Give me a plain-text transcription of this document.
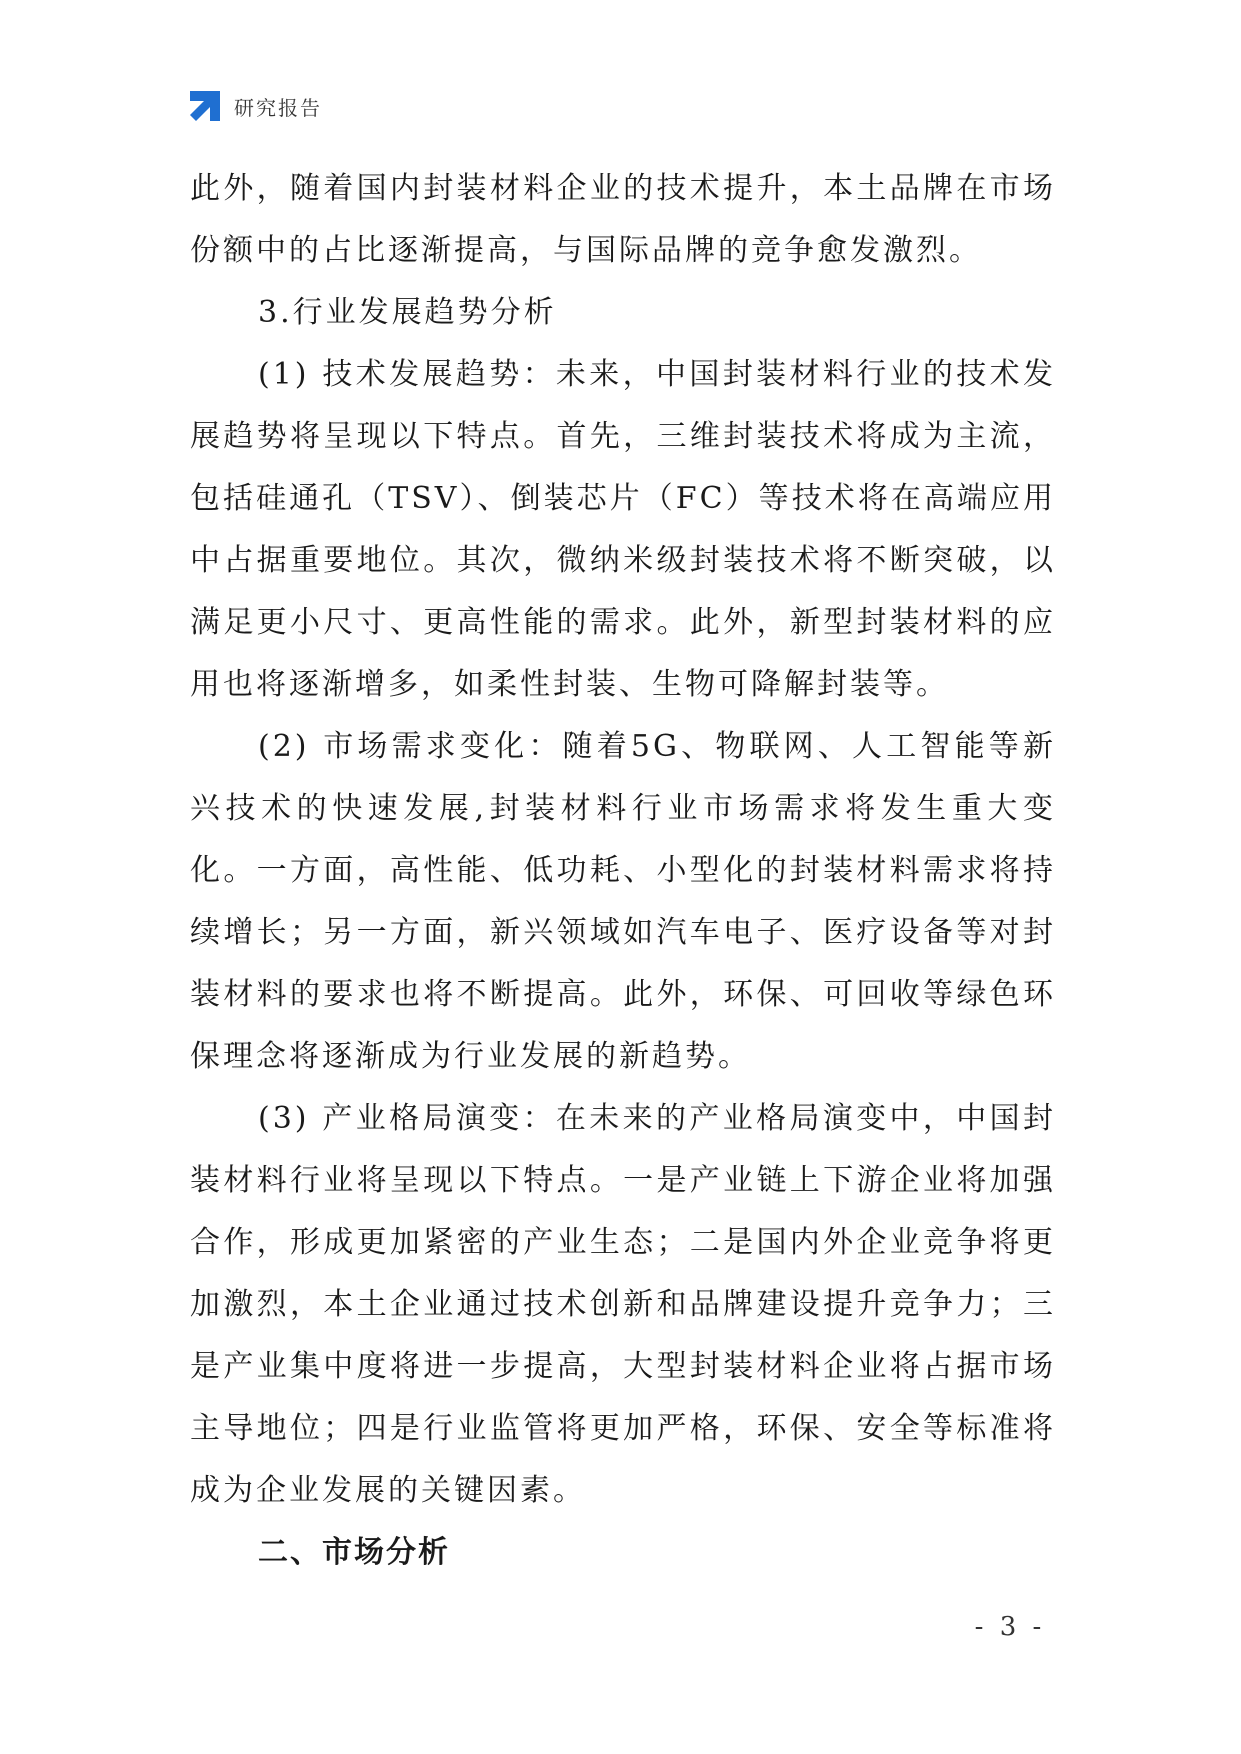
研究报告

此外，随着国内封装材料企业的技术提升，本土品牌在市场份额中的占比逐渐提高，与国际品牌的竞争愈发激烈。

3.行业发展趋势分析

(1) 技术发展趋势：未来，中国封装材料行业的技术发展趋势将呈现以下特点。首先，三维封装技术将成为主流，包括硅通孔（TSV）、倒装芯片（FC）等技术将在高端应用中占据重要地位。其次，微纳米级封装技术将不断突破，以满足更小尺寸、更高性能的需求。此外，新型封装材料的应用也将逐渐增多，如柔性封装、生物可降解封装等。

(2) 市场需求变化：随着5G、物联网、人工智能等新兴技术的快速发展,封装材料行业市场需求将发生重大变化。一方面，高性能、低功耗、小型化的封装材料需求将持续增长；另一方面，新兴领域如汽车电子、医疗设备等对封装材料的要求也将不断提高。此外，环保、可回收等绿色环保理念将逐渐成为行业发展的新趋势。

(3) 产业格局演变：在未来的产业格局演变中，中国封装材料行业将呈现以下特点。一是产业链上下游企业将加强合作，形成更加紧密的产业生态；二是国内外企业竞争将更加激烈，本土企业通过技术创新和品牌建设提升竞争力；三是产业集中度将进一步提高，大型封装材料企业将占据市场主导地位；四是行业监管将更加严格，环保、安全等标准将成为企业发展的关键因素。

二、市场分析

- 3 -
